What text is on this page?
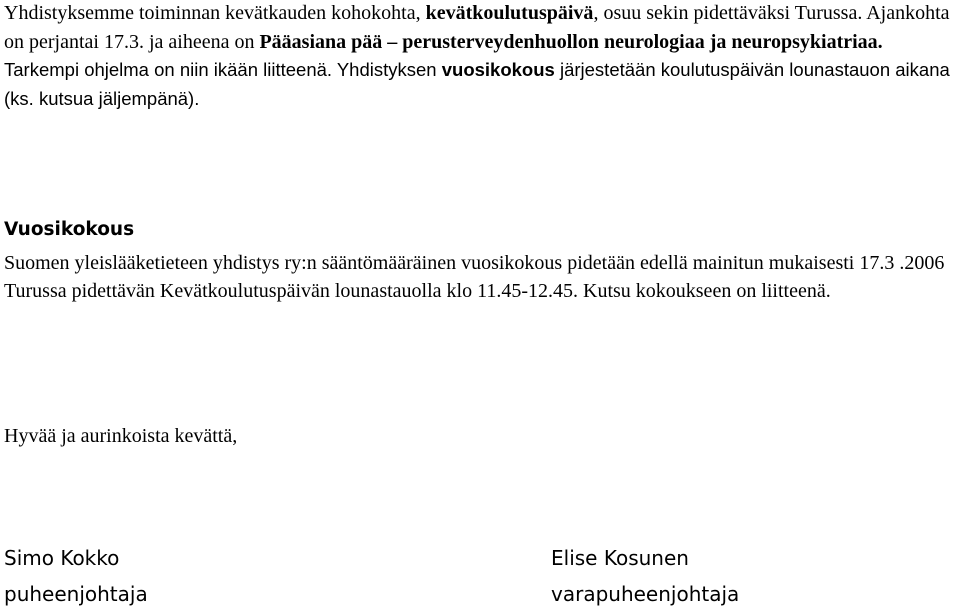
Yhdistyksemme toiminnan kevätkauden kohokohta, kevätkoulutuspäivä, osuu sekin pidettäväksi Turussa. Ajankohta on perjantai 17.3. ja aiheena on Pääasiana pää – perusterveydenhuollon neurologiaa ja neuropsykiatriaa. Tarkempi ohjelma on niin ikään liitteenä. Yhdistyksen vuosikokous järjestetään koulutuspäivän lounastauon aikana (ks. kutsua jäljempänä).
Vuosikokous
Suomen yleislääketieteen yhdistys ry:n sääntömääräinen vuosikokous pidetään edellä mainitun mukaisesti 17.3 .2006 Turussa pidettävän Kevätkoulutuspäivän lounastauolla klo 11.45-12.45. Kutsu kokoukseen on liitteenä.
Hyvää ja aurinkoista kevättä,
Simo Kokko
puheenjohtaja
Elise Kosunen
varapuheenjohtaja
